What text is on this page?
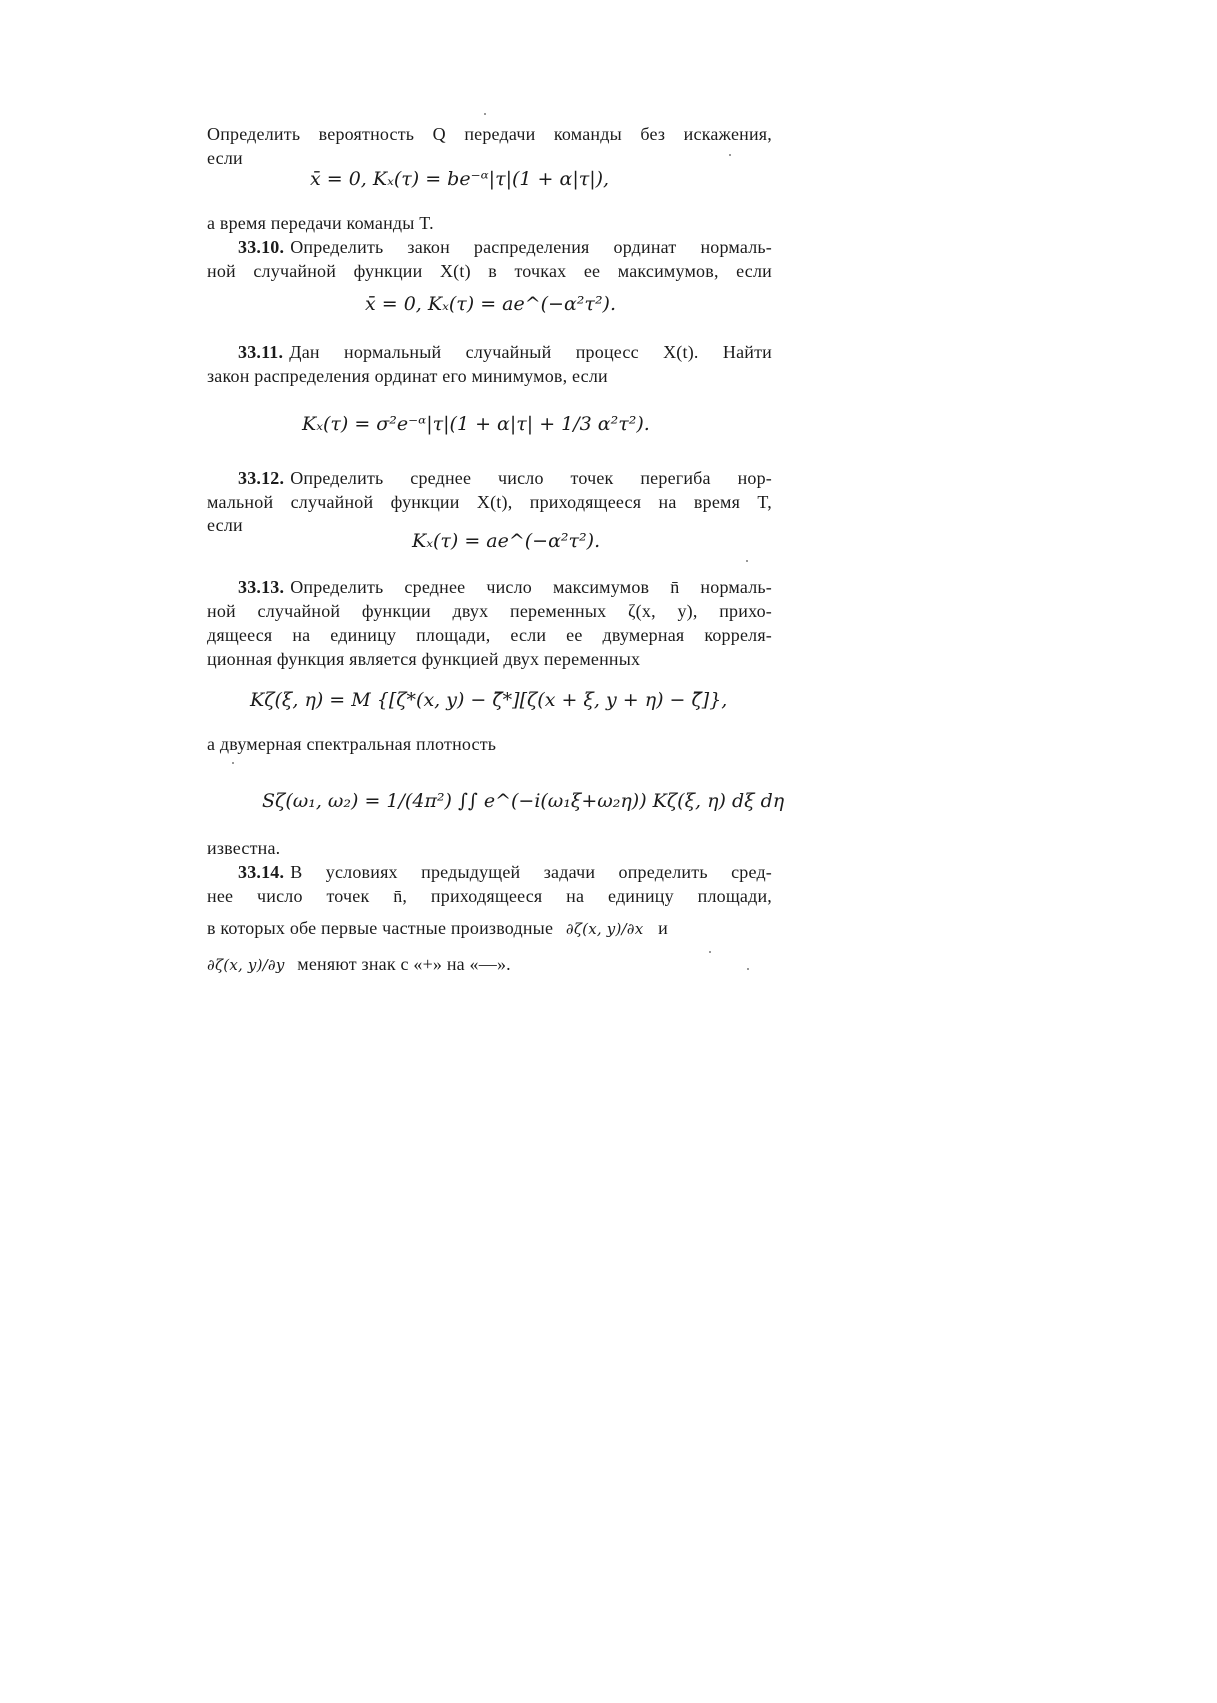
Определить вероятность Q передачи команды без искажения,
если
x̄ = 0, Kₓ(τ) = be⁻ᵅ|τ|(1 + α|τ|),
а время передачи команды T.
33.10. Определить закон распределения ординат нормаль-
ной случайной функции X(t) в точках ее максимумов, если
x̄ = 0, Kₓ(τ) = ae^(−α²τ²).
33.11. Дан нормальный случайный процесс X(t). Найти
закон распределения ординат его минимумов, если
Kₓ(τ) = σ²e⁻ᵅ|τ|(1 + α|τ| + 1/3 α²τ²).
33.12. Определить среднее число точек перегиба нор-
мальной случайной функции X(t), приходящееся на время T,
если
Kₓ(τ) = ae^(−α²τ²).
33.13. Определить среднее число максимумов n̄ нормаль-
ной случайной функции двух переменных ζ(x, y), прихо-
дящееся на единицу площади, если ее двумерная корреля-
ционная функция является функцией двух переменных
Kζ(ξ, η) = M {[ζ*(x, y) − ζ̄*][ζ(x + ξ, y + η) − ζ̄]},
а двумерная спектральная плотность
Sζ(ω₁, ω₂) = 1/(4π²) ∫∫ e^(−i(ω₁ξ+ω₂η)) Kζ(ξ, η) dξ dη
известна.
33.14. В условиях предыдущей задачи определить сред-
нее число точек n̄, приходящееся на единицу площади,
в которых обе первые частные производные ∂ζ(x, y)/∂x и
∂ζ(x, y)/∂y меняют знак с «+» на «—».
